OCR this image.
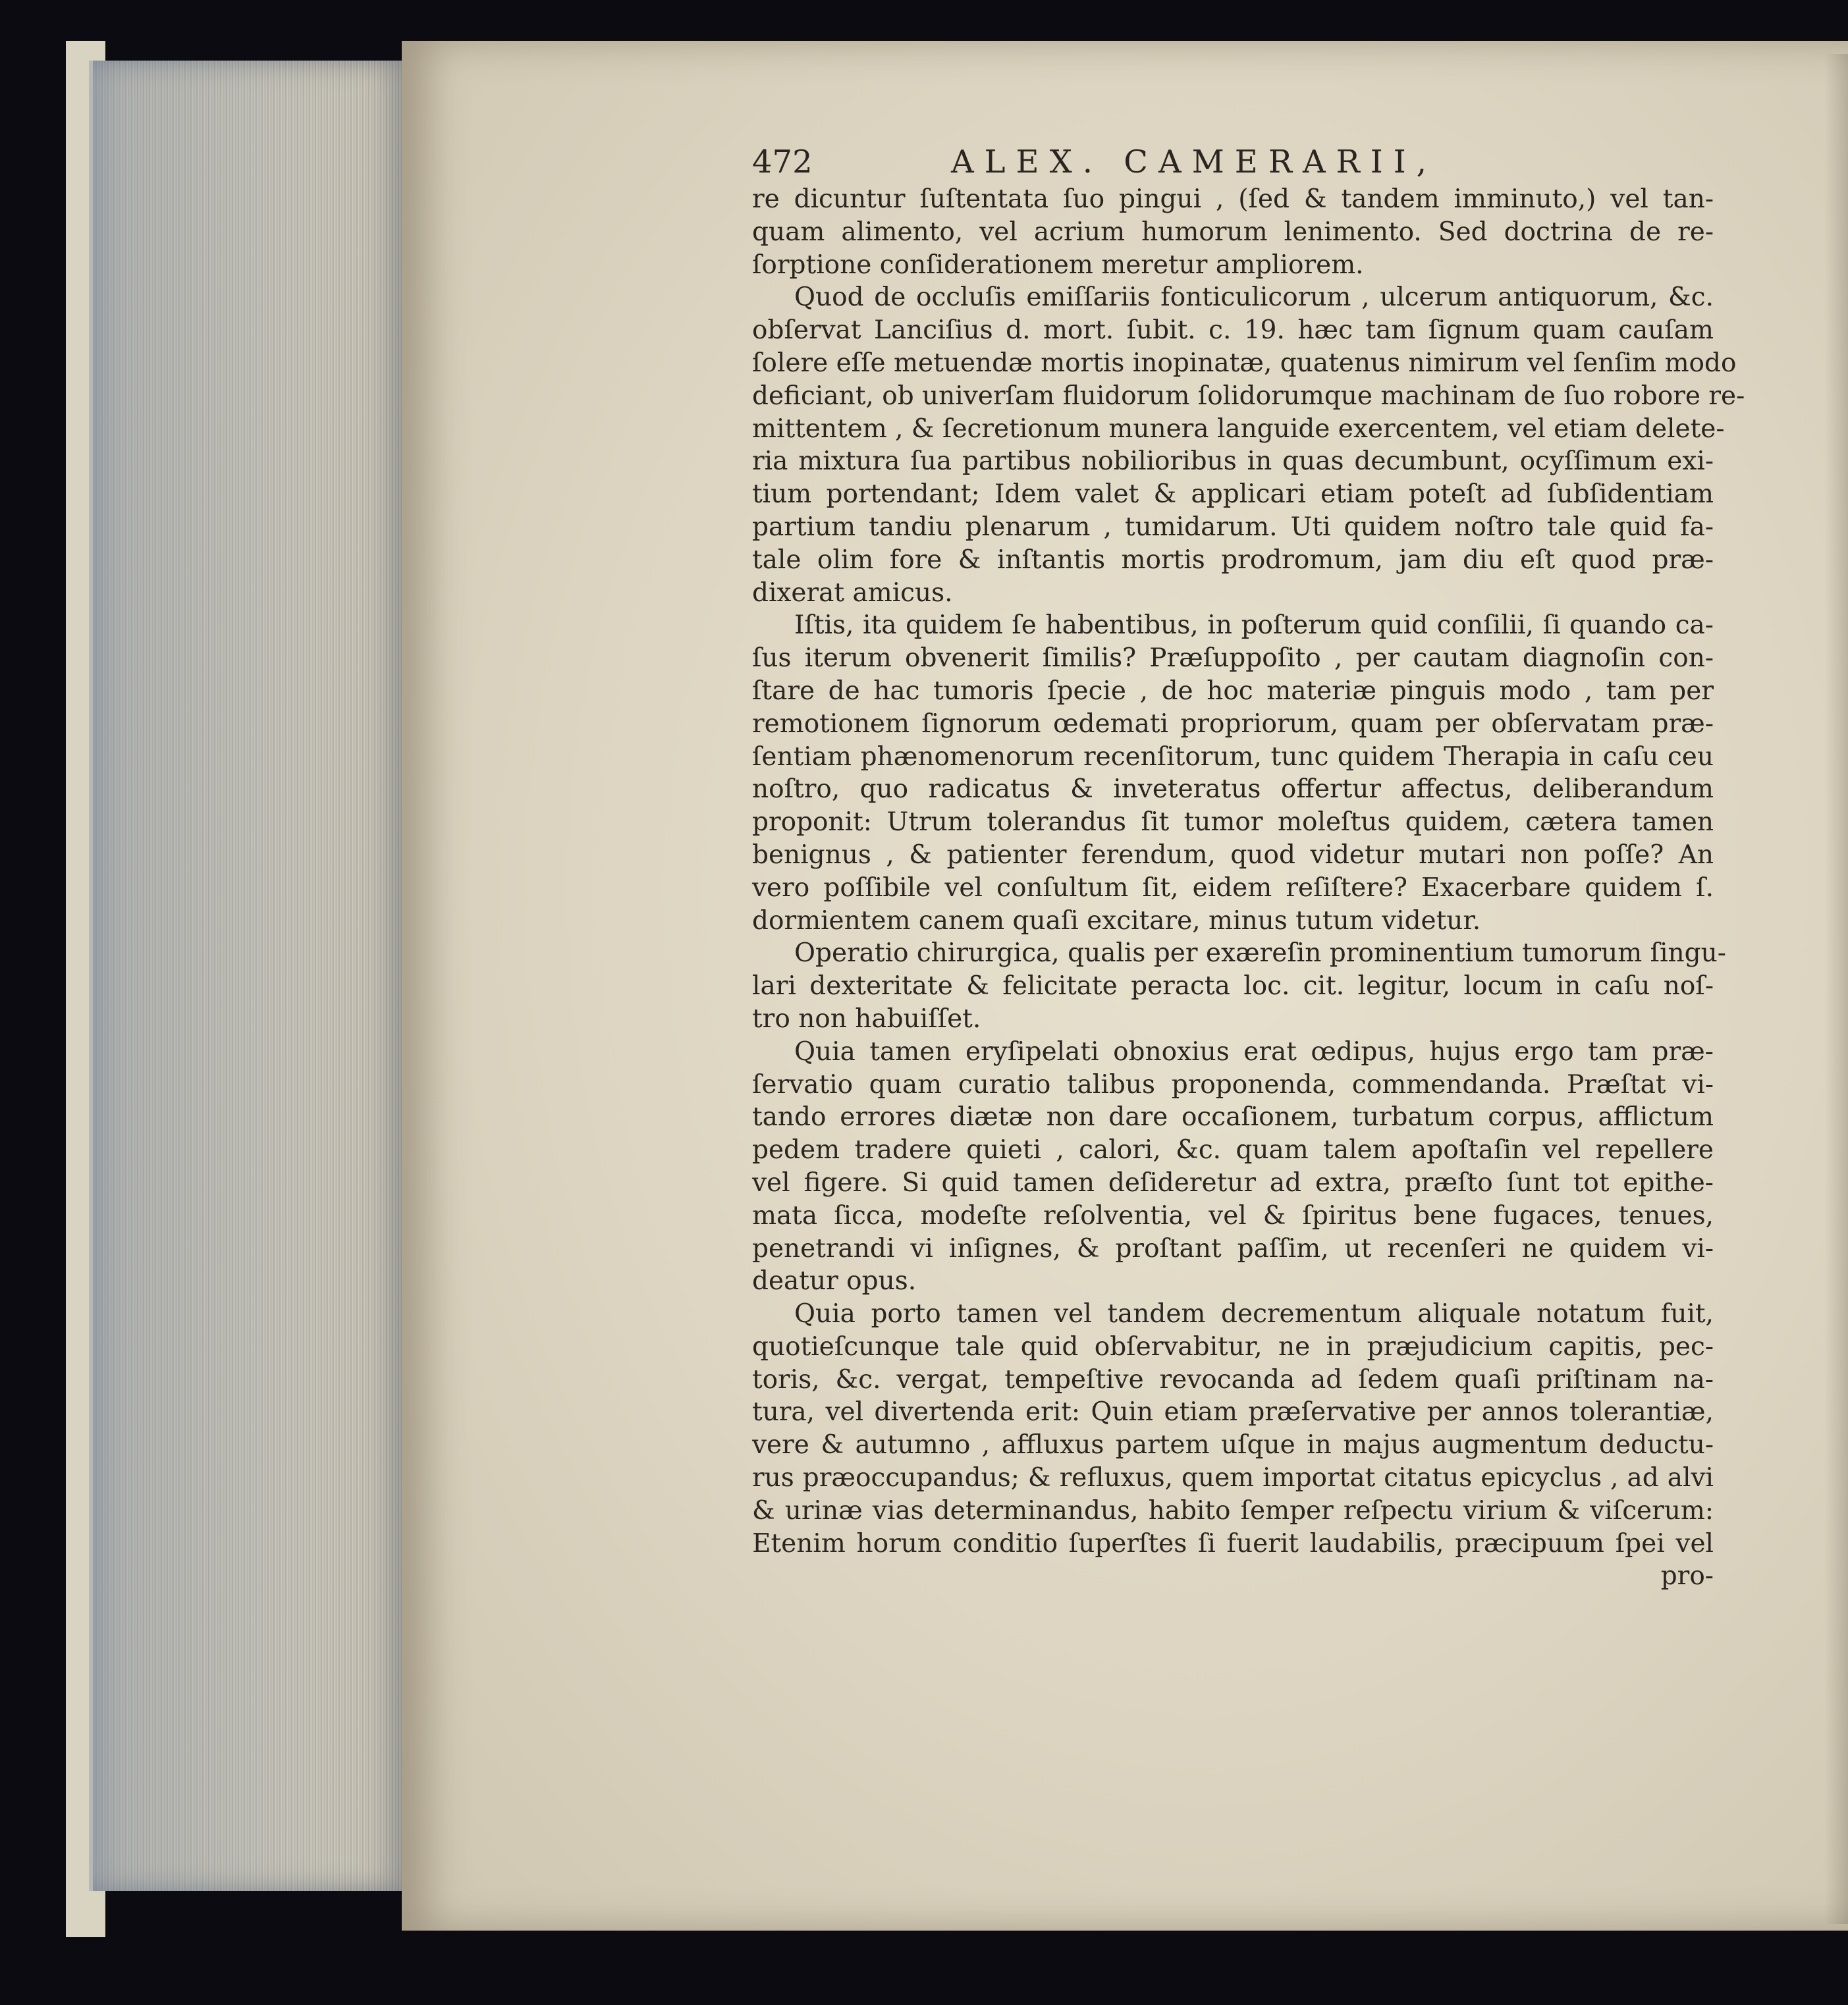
472	ALEX. CAMERARII,
re dicuntur ſuſtentata ſuo pingui , (ſed & tandem imminuto,) vel tan-
quam alimento, vel acrium humorum lenimento. Sed doctrina de re-
ſorptione conſiderationem meretur ampliorem.
Quod de occluſis emiſſariis fonticulicorum , ulcerum antiquorum, &c.
obſervat Lanciſius d. mort. ſubit. c. 19. hæc tam ſignum quam cauſam
ſolere eſſe metuendæ mortis inopinatæ, quatenus nimirum vel ſenſim modo
deficiant, ob univerſam fluidorum ſolidorumque machinam de ſuo robore re-
mittentem , & ſecretionum munera languide exercentem, vel etiam delete-
ria mixtura ſua partibus nobilioribus in quas decumbunt, ocyſſimum exi-
tium portendant; Idem valet & applicari etiam poteſt ad ſubſidentiam
partium tandiu plenarum , tumidarum. Uti quidem noſtro tale quid fa-
tale olim fore & inſtantis mortis prodromum, jam diu eſt quod præ-
dixerat amicus.
Iſtis, ita quidem ſe habentibus, in poſterum quid conſilii, ſi quando ca-
ſus iterum obvenerit ſimilis? Præſuppoſito , per cautam diagnoſin con-
ſtare de hac tumoris ſpecie , de hoc materiæ pinguis modo , tam per
remotionem ſignorum œdemati propriorum, quam per obſervatam præ-
ſentiam phænomenorum recenſitorum, tunc quidem Therapia in caſu ceu
noſtro, quo radicatus & inveteratus offertur affectus, deliberandum
proponit: Utrum tolerandus ſit tumor moleſtus quidem, cætera tamen
benignus , & patienter ferendum, quod videtur mutari non poſſe? An
vero poſſibile vel conſultum ſit, eidem reſiſtere? Exacerbare quidem ſ.
dormientem canem quaſi excitare, minus tutum videtur.
Operatio chirurgica, qualis per exæreſin prominentium tumorum ſingu-
lari dexteritate & felicitate peracta loc. cit. legitur, locum in caſu noſ-
tro non habuiſſet.
Quia tamen eryſipelati obnoxius erat œdipus, hujus ergo tam præ-
ſervatio quam curatio talibus proponenda, commendanda. Præſtat vi-
tando errores diætæ non dare occaſionem, turbatum corpus, afflictum
pedem tradere quieti , calori, &c. quam talem apoſtaſin vel repellere
vel figere. Si quid tamen deſideretur ad extra, præſto ſunt tot epithe-
mata ſicca, modeſte reſolventia, vel & ſpiritus bene fugaces, tenues,
penetrandi vi inſignes, & proſtant paſſim, ut recenſeri ne quidem vi-
deatur opus.
Quia porto tamen vel tandem decrementum aliquale notatum fuit,
quotieſcunque tale quid obſervabitur, ne in præjudicium capitis, pec-
toris, &c. vergat, tempeſtive revocanda ad ſedem quaſi priſtinam na-
tura, vel divertenda erit: Quin etiam præſervative per annos tolerantiæ,
vere & autumno , affluxus partem uſque in majus augmentum deductu-
rus præoccupandus; & refluxus, quem importat citatus epicyclus , ad alvi
& urinæ vias determinandus, habito ſemper reſpectu virium & viſcerum:
Etenim horum conditio ſuperſtes ſi fuerit laudabilis, præcipuum ſpei vel
pro-
